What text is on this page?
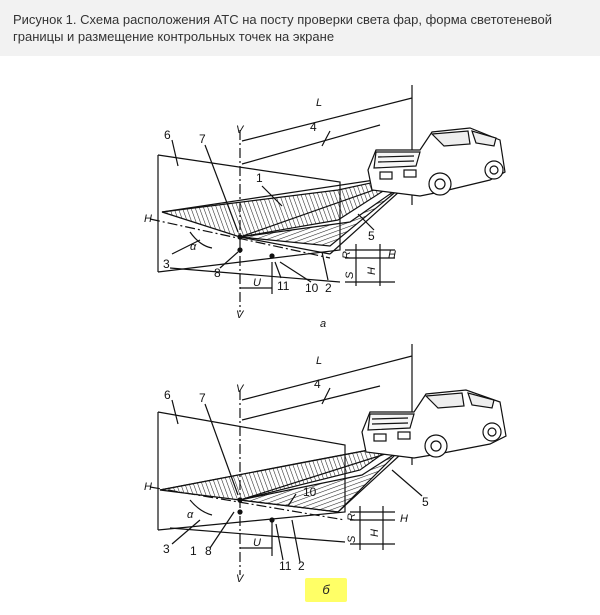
Рисунок 1. Схема расположения АТС на посту проверки света фар, форма светотеневой границы и размещение контрольных точек на экране
V
V
L
H
H
α
U
R
S
H
6 7
4
1
5
3
8
11 10 2
а
V
V
L
H
H
α
U
R
S
H
6 7
4
10
5
3 1 8
11 2
б
